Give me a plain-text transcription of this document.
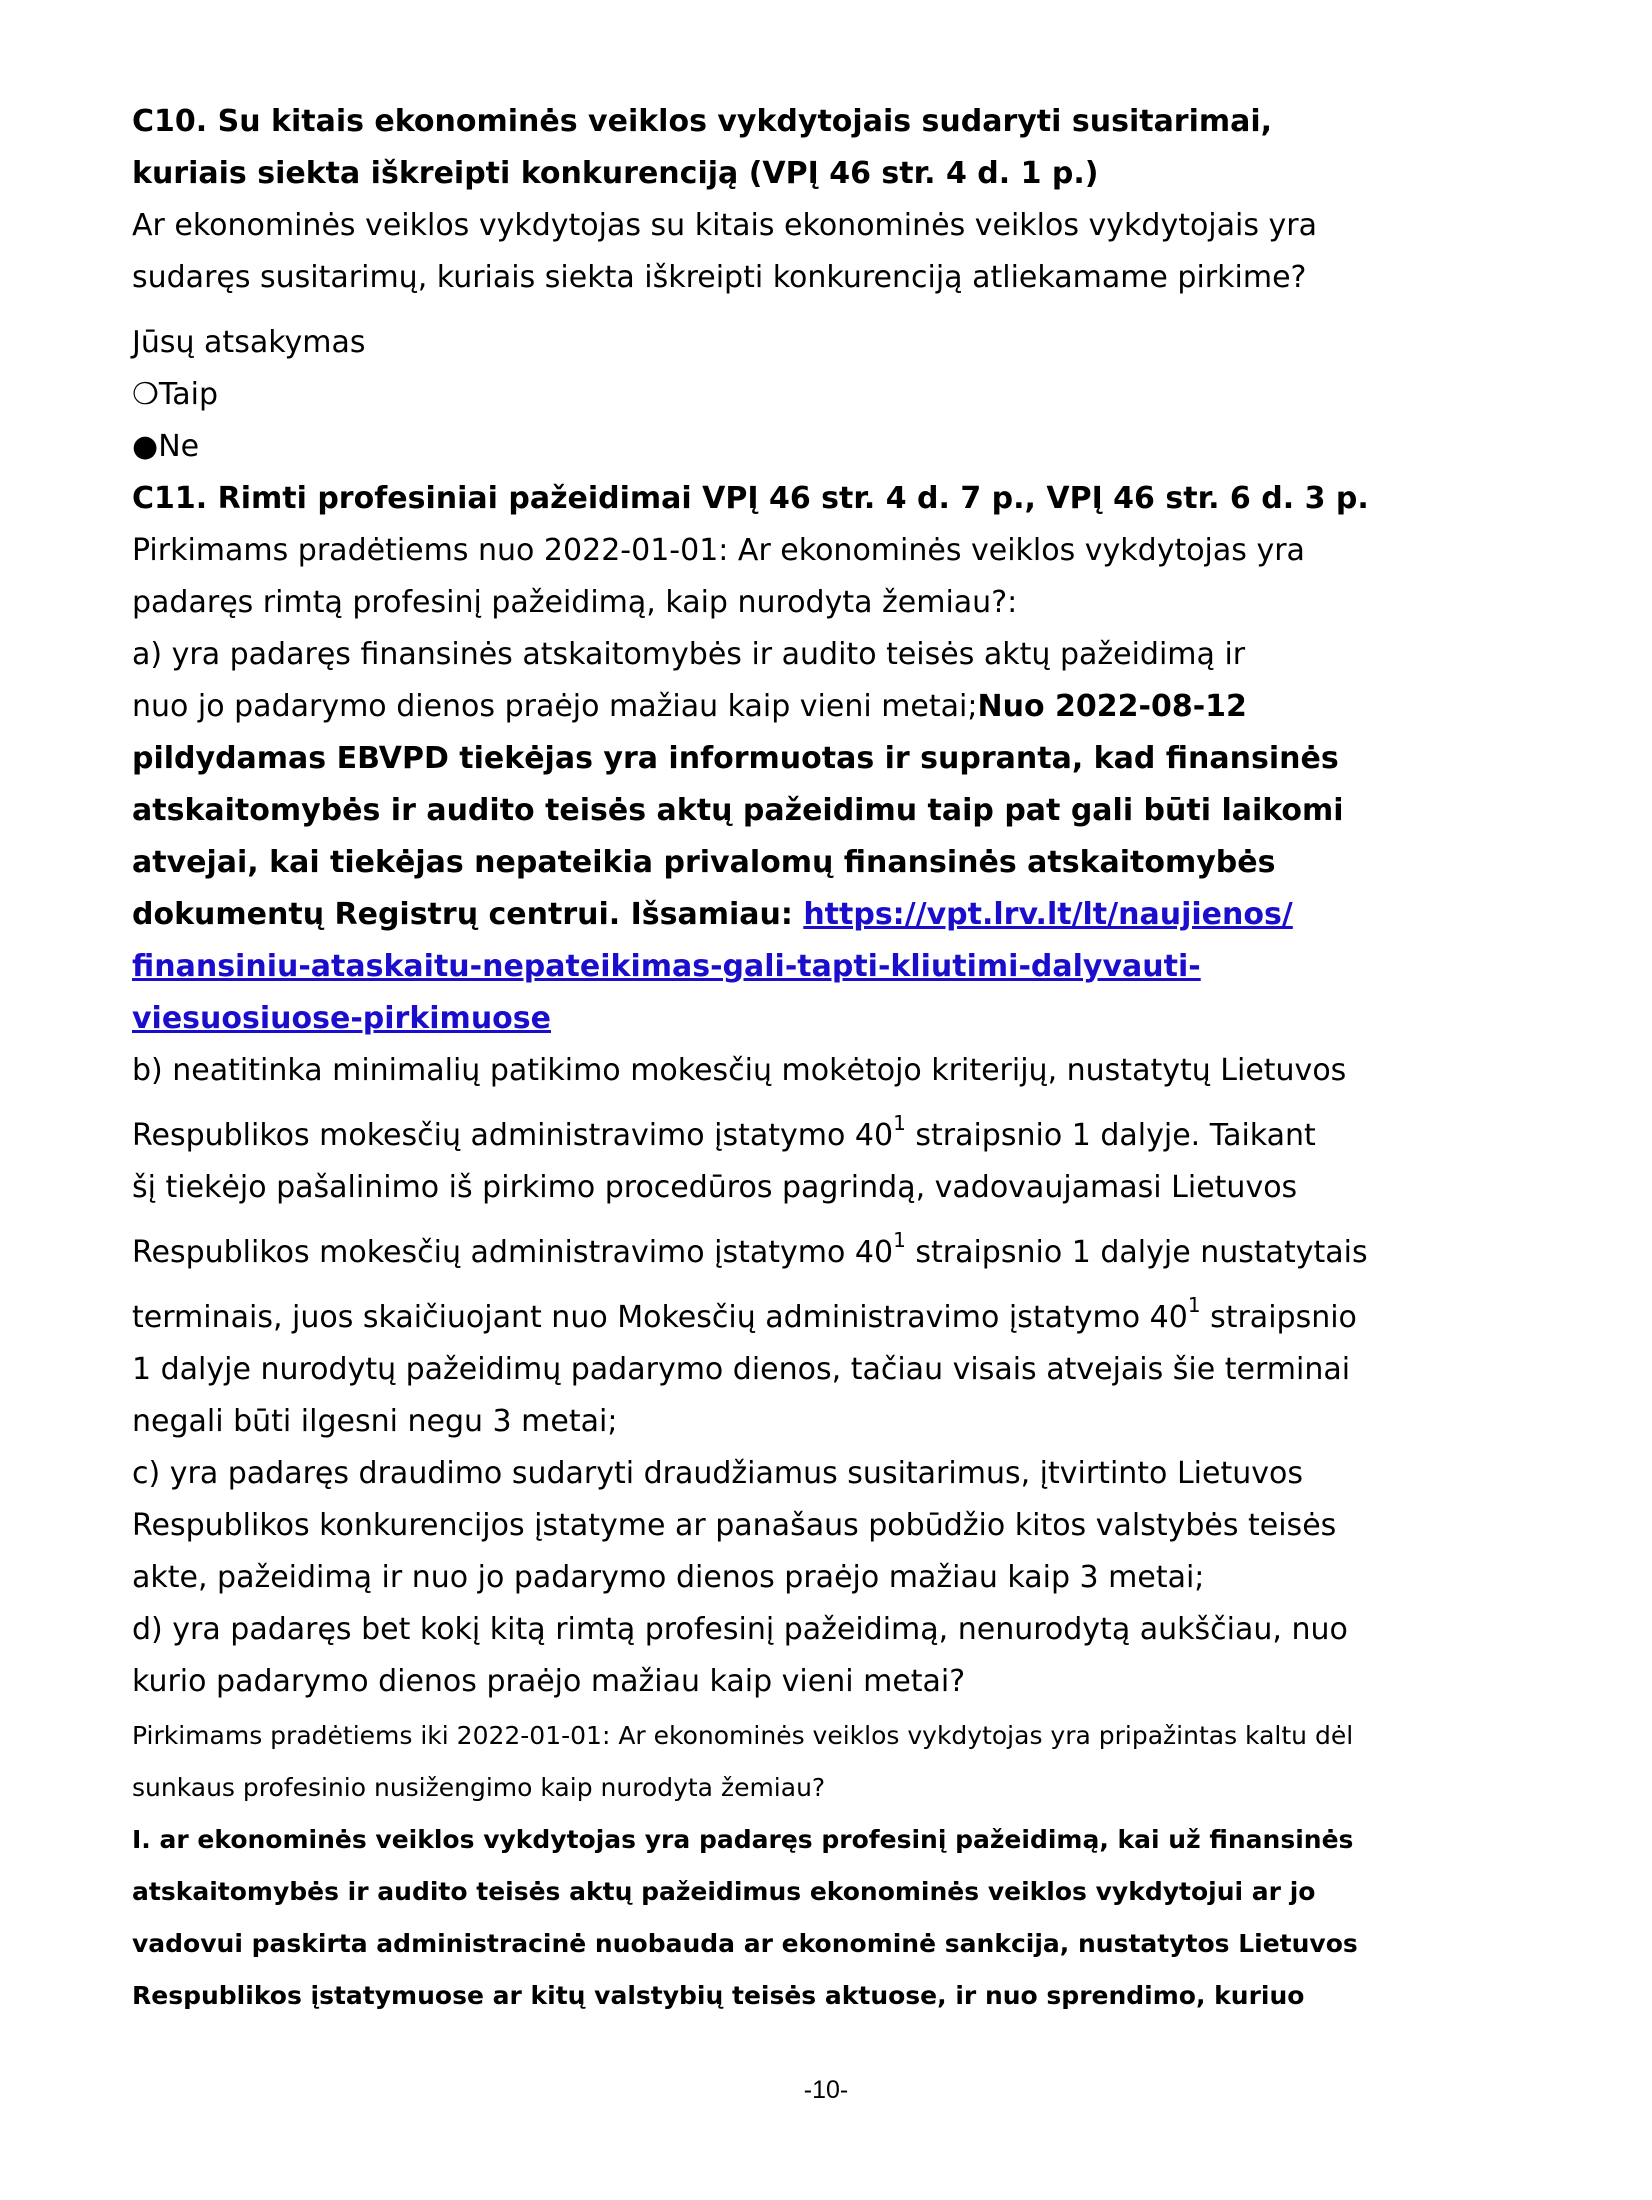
C10. Su kitais ekonominės veiklos vykdytojais sudaryti susitarimai,
kuriais siekta iškreipti konkurenciją (VPĮ 46 str. 4 d. 1 p.)
Ar ekonominės veiklos vykdytojas su kitais ekonominės veiklos vykdytojais yra
sudaręs susitarimų, kuriais siekta iškreipti konkurenciją atliekamame pirkime?
Jūsų atsakymas
❍Taip
●Ne
C11. Rimti profesiniai pažeidimai VPĮ 46 str. 4 d. 7 p., VPĮ 46 str. 6 d. 3 p.
Pirkimams pradėtiems nuo 2022-01-01: Ar ekonominės veiklos vykdytojas yra
padaręs rimtą profesinį pažeidimą, kaip nurodyta žemiau?:
a) yra padaręs finansinės atskaitomybės ir audito teisės aktų pažeidimą ir
nuo jo padarymo dienos praėjo mažiau kaip vieni metai;Nuo 2022-08-12
pildydamas EBVPD tiekėjas yra informuotas ir supranta, kad finansinės
atskaitomybės ir audito teisės aktų pažeidimu taip pat gali būti laikomi
atvejai, kai tiekėjas nepateikia privalomų finansinės atskaitomybės
dokumentų Registrų centrui. Išsamiau: https://vpt.lrv.lt/lt/naujienos/
finansiniu-ataskaitu-nepateikimas-gali-tapti-kliutimi-dalyvauti-
viesuosiuose-pirkimuose
b) neatitinka minimalių patikimo mokesčių mokėtojo kriterijų, nustatytų Lietuvos
Respublikos mokesčių administravimo įstatymo $40^1$ straipsnio 1 dalyje. Taikant
šį tiekėjo pašalinimo iš pirkimo procedūros pagrindą, vadovaujamasi Lietuvos
Respublikos mokesčių administravimo įstatymo $40^1$ straipsnio 1 dalyje nustatytais
terminais, juos skaičiuojant nuo Mokesčių administravimo įstatymo $40^1$ straipsnio
1 dalyje nurodytų pažeidimų padarymo dienos, tačiau visais atvejais šie terminai
negali būti ilgesni negu 3 metai;
c) yra padaręs draudimo sudaryti draudžiamus susitarimus, įtvirtinto Lietuvos
Respublikos konkurencijos įstatyme ar panašaus pobūdžio kitos valstybės teisės
akte, pažeidimą ir nuo jo padarymo dienos praėjo mažiau kaip 3 metai;
d) yra padaręs bet kokį kitą rimtą profesinį pažeidimą, nenurodytą aukščiau, nuo
kurio padarymo dienos praėjo mažiau kaip vieni metai?
Pirkimams pradėtiems iki 2022-01-01: Ar ekonominės veiklos vykdytojas yra pripažintas kaltu dėl
sunkaus profesinio nusižengimo kaip nurodyta žemiau?
I. ar ekonominės veiklos vykdytojas yra padaręs profesinį pažeidimą, kai už finansinės
atskaitomybės ir audito teisės aktų pažeidimus ekonominės veiklos vykdytojui ar jo
vadovui paskirta administracinė nuobauda ar ekonominė sankcija, nustatytos Lietuvos
Respublikos įstatymuose ar kitų valstybių teisės aktuose, ir nuo sprendimo, kuriuo
-10-
